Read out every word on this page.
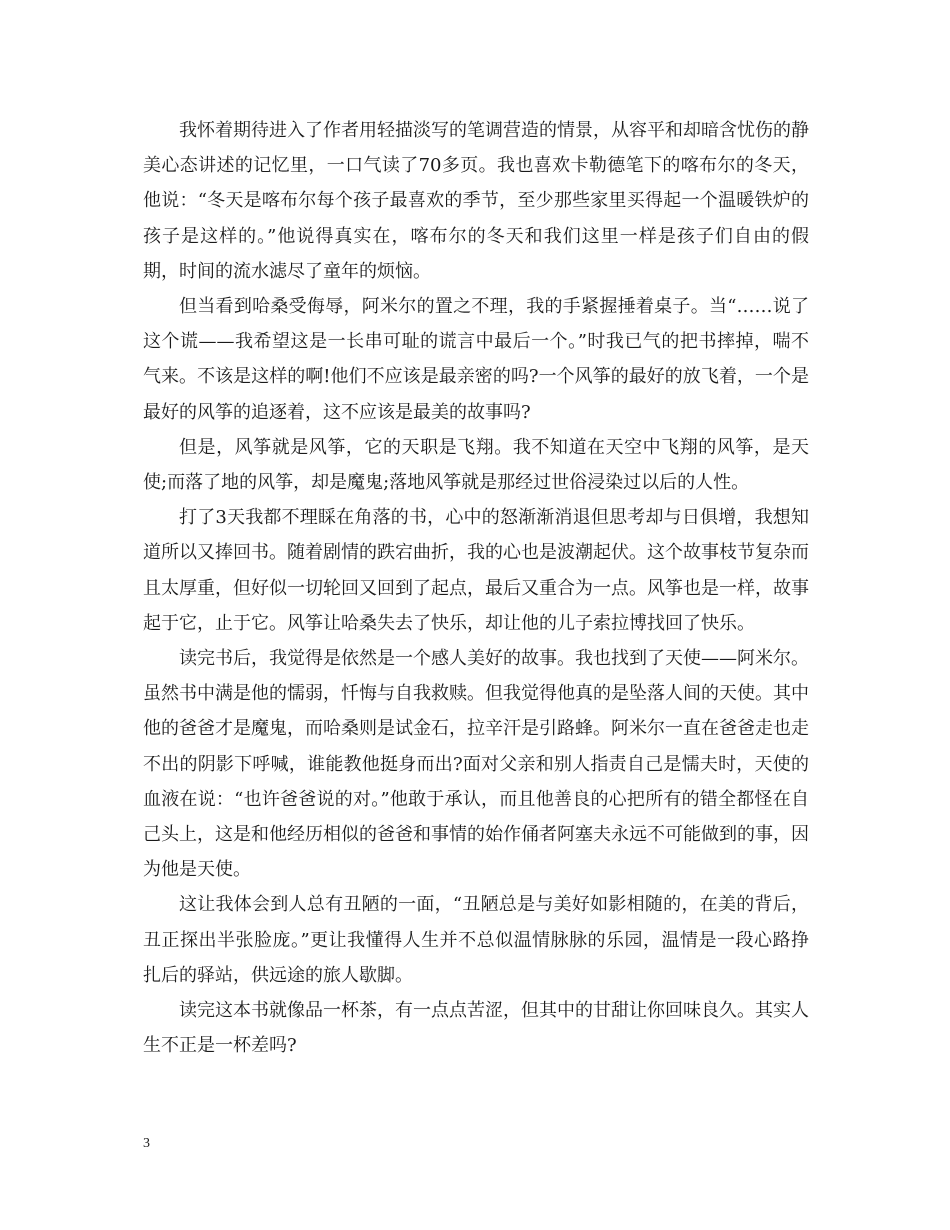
我怀着期待进入了作者用轻描淡写的笔调营造的情景，从容平和却暗含忧伤的静美心态讲述的记忆里，一口气读了70多页。我也喜欢卡勒德笔下的喀布尔的冬天，他说：“冬天是喀布尔每个孩子最喜欢的季节，至少那些家里买得起一个温暖铁炉的孩子是这样的。”他说得真实在，喀布尔的冬天和我们这里一样是孩子们自由的假期，时间的流水滤尽了童年的烦恼。

但当看到哈桑受侮辱，阿米尔的置之不理，我的手紧握捶着桌子。当“……说了这个谎——我希望这是一长串可耻的谎言中最后一个。”时我已气的把书摔掉，喘不气来。不该是这样的啊!他们不应该是最亲密的吗?一个风筝的最好的放飞着，一个是最好的风筝的追逐着，这不应该是最美的故事吗?

但是，风筝就是风筝，它的天职是飞翔。我不知道在天空中飞翔的风筝，是天使;而落了地的风筝，却是魔鬼;落地风筝就是那经过世俗浸染过以后的人性。

打了3天我都不理睬在角落的书，心中的怒渐渐消退但思考却与日俱增，我想知道所以又捧回书。随着剧情的跌宕曲折，我的心也是波潮起伏。这个故事枝节复杂而且太厚重，但好似一切轮回又回到了起点，最后又重合为一点。风筝也是一样，故事起于它，止于它。风筝让哈桑失去了快乐，却让他的儿子索拉博找回了快乐。

读完书后，我觉得是依然是一个感人美好的故事。我也找到了天使——阿米尔。虽然书中满是他的懦弱，忏悔与自我救赎。但我觉得他真的是坠落人间的天使。其中他的爸爸才是魔鬼，而哈桑则是试金石，拉辛汗是引路蜂。阿米尔一直在爸爸走也走不出的阴影下呼喊，谁能教他挺身而出?面对父亲和别人指责自己是懦夫时，天使的血液在说：“也许爸爸说的对。”他敢于承认，而且他善良的心把所有的错全都怪在自己头上，这是和他经历相似的爸爸和事情的始作俑者阿塞夫永远不可能做到的事，因为他是天使。

这让我体会到人总有丑陋的一面，“丑陋总是与美好如影相随的，在美的背后，丑正探出半张脸庞。”更让我懂得人生并不总似温情脉脉的乐园，温情是一段心路挣扎后的驿站，供远途的旅人歇脚。

读完这本书就像品一杯茶，有一点点苦涩，但其中的甘甜让你回味良久。其实人生不正是一杯差吗?

3
